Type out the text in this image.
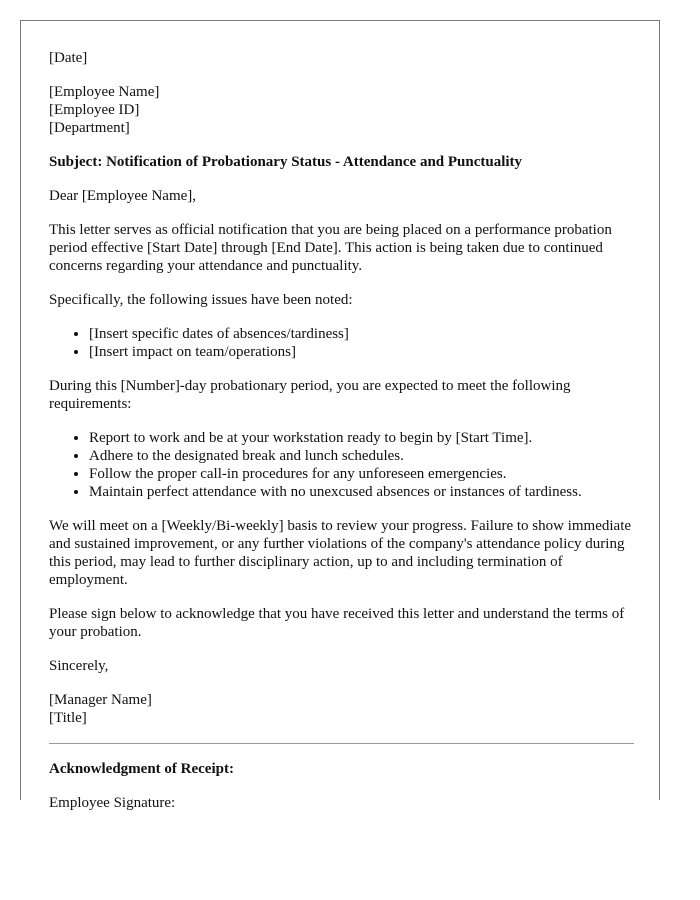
[Date]

[Employee Name]
[Employee ID]
[Department]

Subject: Notification of Probationary Status - Attendance and Punctuality

Dear [Employee Name],

This letter serves as official notification that you are being placed on a performance probation period effective [Start Date] through [End Date]. This action is being taken due to continued concerns regarding your attendance and punctuality.

Specifically, the following issues have been noted:

• [Insert specific dates of absences/tardiness]
• [Insert impact on team/operations]

During this [Number]-day probationary period, you are expected to meet the following requirements:

• Report to work and be at your workstation ready to begin by [Start Time].
• Adhere to the designated break and lunch schedules.
• Follow the proper call-in procedures for any unforeseen emergencies.
• Maintain perfect attendance with no unexcused absences or instances of tardiness.

We will meet on a [Weekly/Bi-weekly] basis to review your progress. Failure to show immediate and sustained improvement, or any further violations of the company's attendance policy during this period, may lead to further disciplinary action, up to and including termination of employment.

Please sign below to acknowledge that you have received this letter and understand the terms of your probation.

Sincerely,

[Manager Name]
[Title]

Acknowledgment of Receipt:

Employee Signature:
